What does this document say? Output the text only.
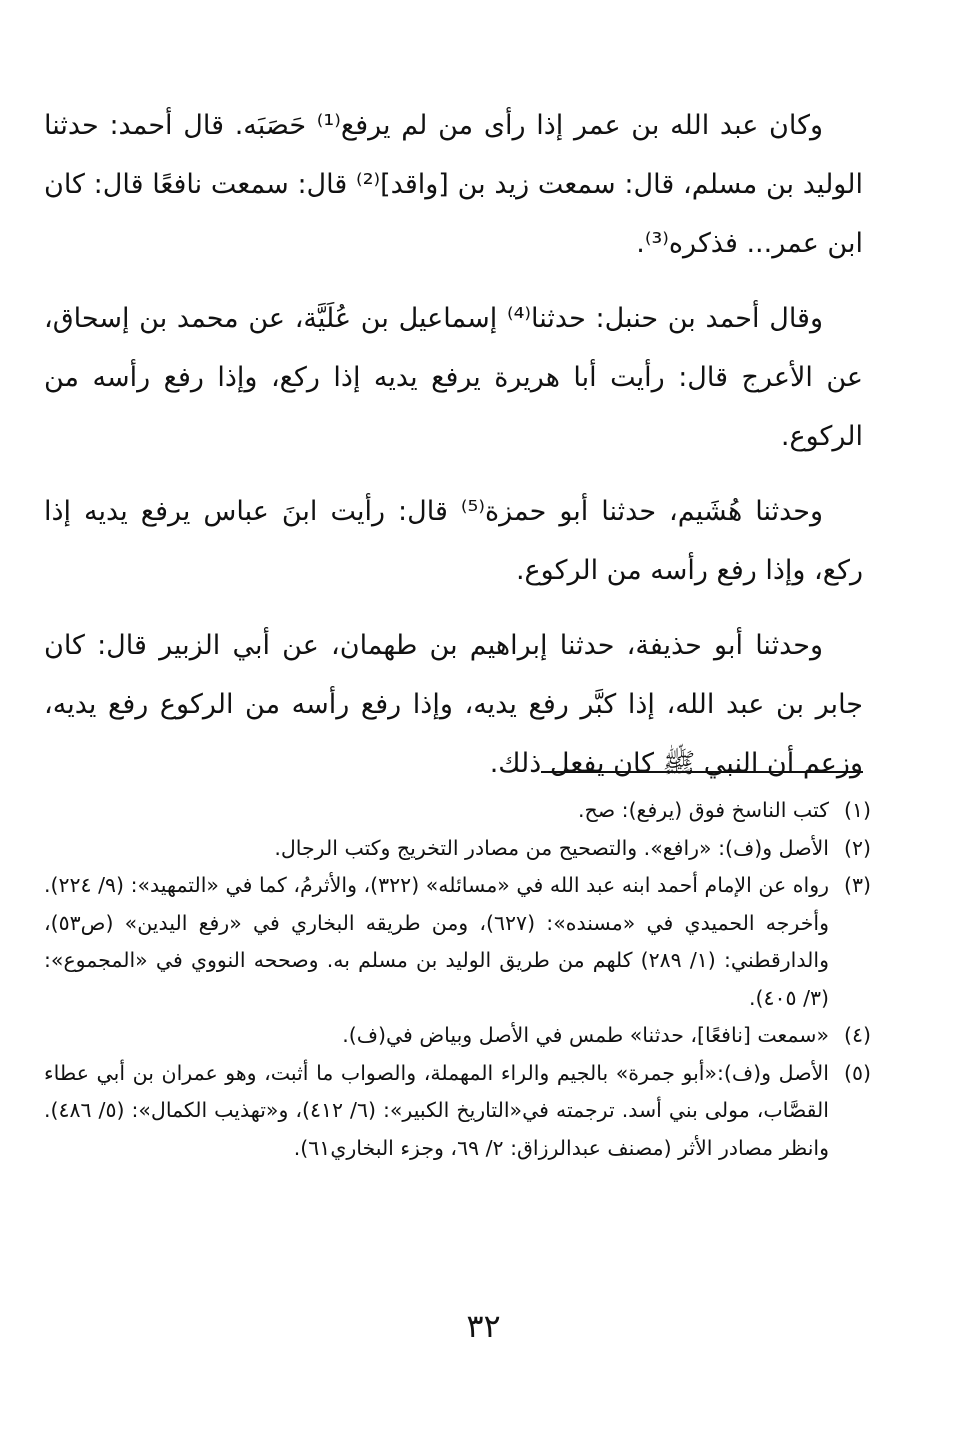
وكان عبد الله بن عمر إذا رأى من لم يرفع⁽¹⁾ حَصَبَه. قال أحمد: حدثنا الوليد بن مسلم، قال: سمعت زيد بن [واقد]⁽²⁾ قال: سمعت نافعًا قال: كان ابن عمر... فذكره⁽³⁾.

وقال أحمد بن حنبل: حدثنا⁽⁴⁾ إسماعيل بن عُلَيَّة، عن محمد بن إسحاق، عن الأعرج قال: رأيت أبا هريرة يرفع يديه إذا ركع، وإذا رفع رأسه من الركوع.

وحدثنا هُشَيم، حدثنا أبو حمزة⁽⁵⁾ قال: رأيت ابنَ عباس يرفع يديه إذا ركع، وإذا رفع رأسه من الركوع.

وحدثنا أبو حذيفة، حدثنا إبراهيم بن طهمان، عن أبي الزبير قال: كان جابر بن عبد الله، إذا كبَّر رفع يديه، وإذا رفع رأسه من الركوع رفع يديه، وزعم أن النبي ﷺ كان يفعل ذلك.

(١)
كتب الناسخ فوق (يرفع): صح.
(٢)
الأصل و(ف): «رافع». والتصحيح من مصادر التخريج وكتب الرجال.
(٣)
رواه عن الإمام أحمد ابنه عبد الله في «مسائله» (٣٢٢)، والأثرمُ، كما في «التمهيد»: (٩/ ٢٢٤). وأخرجه الحميدي في «مسنده»: (٦٢٧)، ومن طريقه البخاري في «رفع اليدين» (ص٥٣)، والدارقطني: (١/ ٢٨٩) كلهم من طريق الوليد بن مسلم به. وصححه النووي في «المجموع»: (٣/ ٤٠٥).
(٤)
«سمعت [نافعًا]، حدثنا» طمس في الأصل وبياض في(ف).
(٥)
الأصل و(ف):«أبو جمرة» بالجيم والراء المهملة، والصواب ما أثبت، وهو عمران بن أبي عطاء القصَّاب، مولى بني أسد. ترجمته في«التاريخ الكبير»: (٦/ ٤١٢)، و«تهذيب الكمال»: (٥/ ٤٨٦). وانظر مصادر الأثر (مصنف عبدالرزاق: ٢/ ٦٩، وجزء البخاري٦١).
٣٢
